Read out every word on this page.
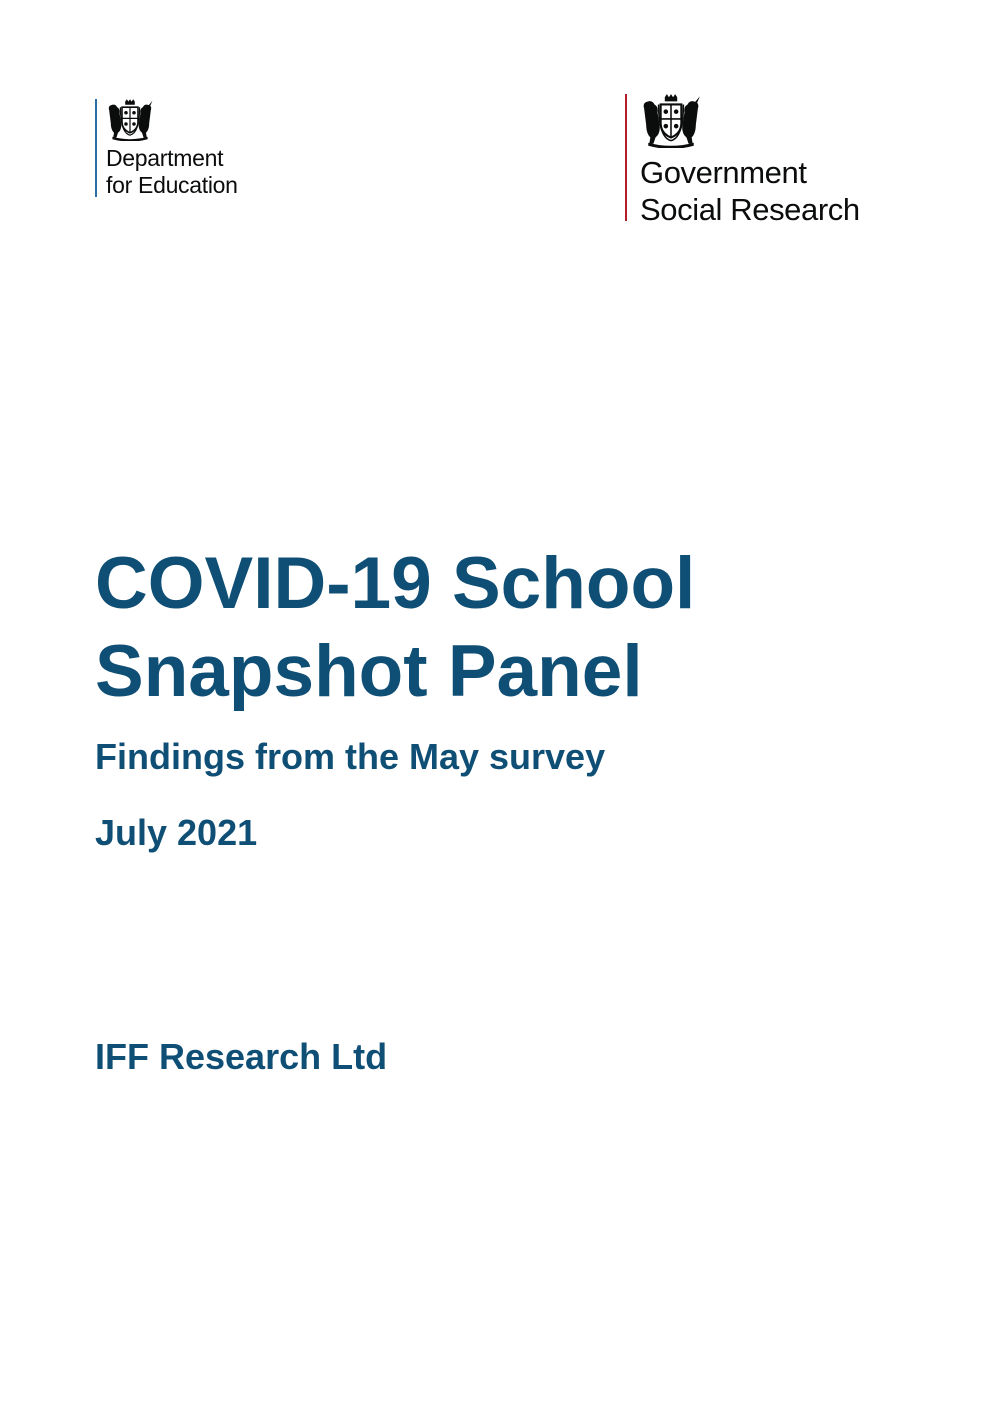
Department
for Education	Government
Social Research
COVID-19 School
Snapshot Panel
Findings from the May survey
July 2021
IFF Research Ltd
